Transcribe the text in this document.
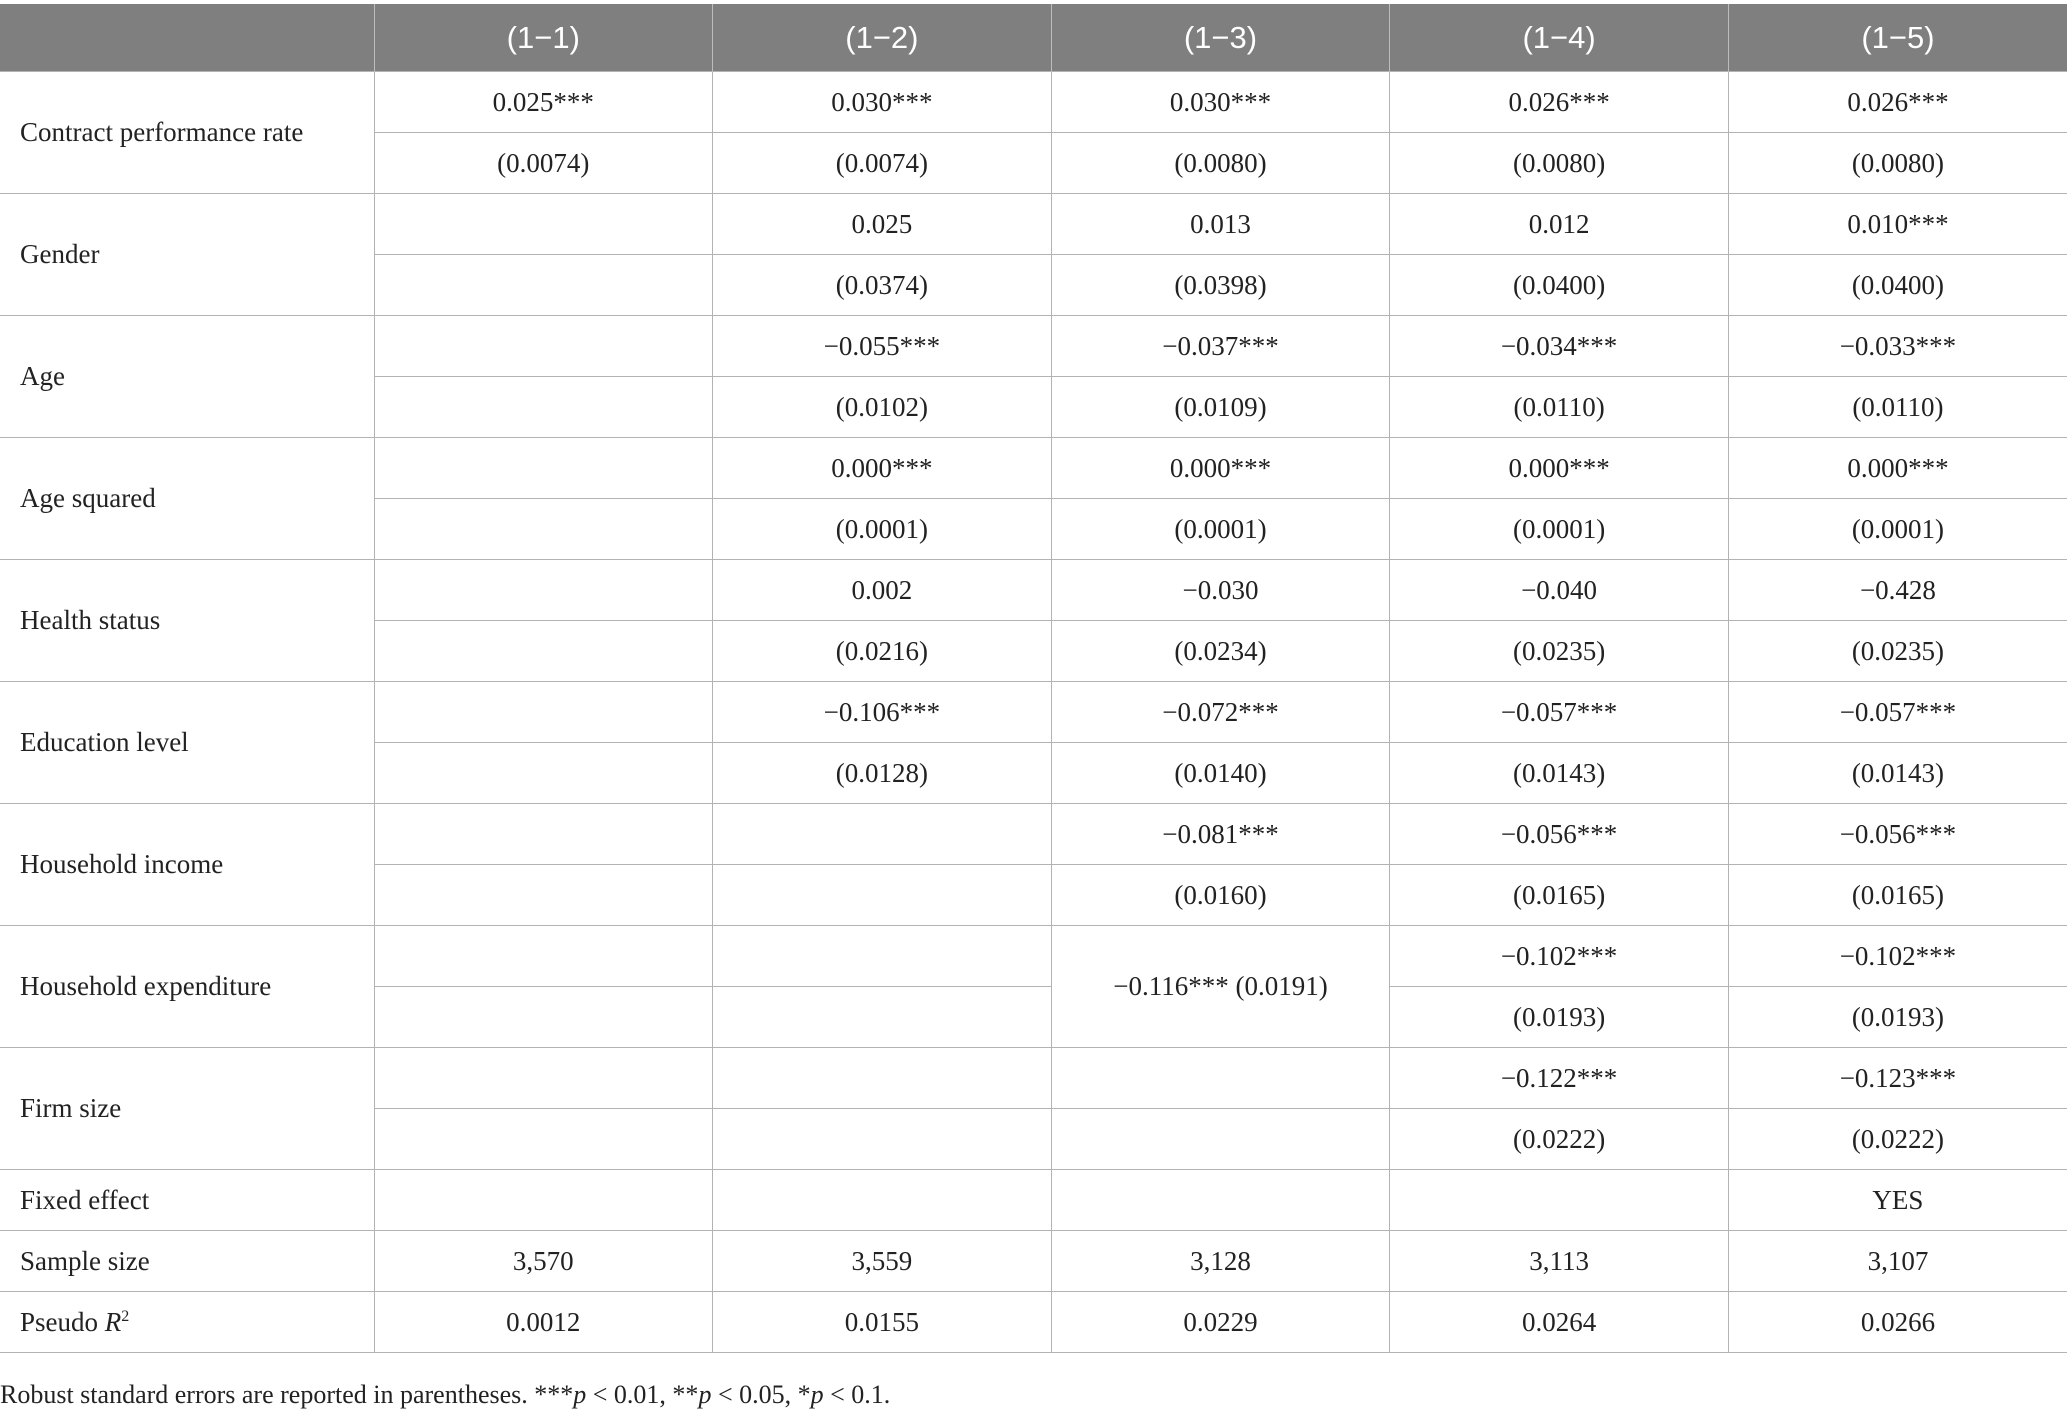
	(1−1)	(1−2)	(1−3)	(1−4)	(1−5)
Contract performance rate	0.025***	0.030***	0.030***	0.026***	0.026***
	(0.0074)	(0.0074)	(0.0080)	(0.0080)	(0.0080)
Gender		0.025	0.013	0.012	0.010***
		(0.0374)	(0.0398)	(0.0400)	(0.0400)
Age		−0.055***	−0.037***	−0.034***	−0.033***
		(0.0102)	(0.0109)	(0.0110)	(0.0110)
Age squared		0.000***	0.000***	0.000***	0.000***
		(0.0001)	(0.0001)	(0.0001)	(0.0001)
Health status		0.002	−0.030	−0.040	−0.428
		(0.0216)	(0.0234)	(0.0235)	(0.0235)
Education level		−0.106***	−0.072***	−0.057***	−0.057***
		(0.0128)	(0.0140)	(0.0143)	(0.0143)
Household income			−0.081***	−0.056***	−0.056***
			(0.0160)	(0.0165)	(0.0165)
Household expenditure			−0.116*** (0.0191)	−0.102***	−0.102***
				(0.0193)	(0.0193)
Firm size				−0.122***	−0.123***
				(0.0222)	(0.0222)
Fixed effect					YES
Sample size	3,570	3,559	3,128	3,113	3,107
Pseudo $R^2$	0.0012	0.0155	0.0229	0.0264	0.0266
Robust standard errors are reported in parentheses. ***p < 0.01, **p < 0.05, *p < 0.1.
